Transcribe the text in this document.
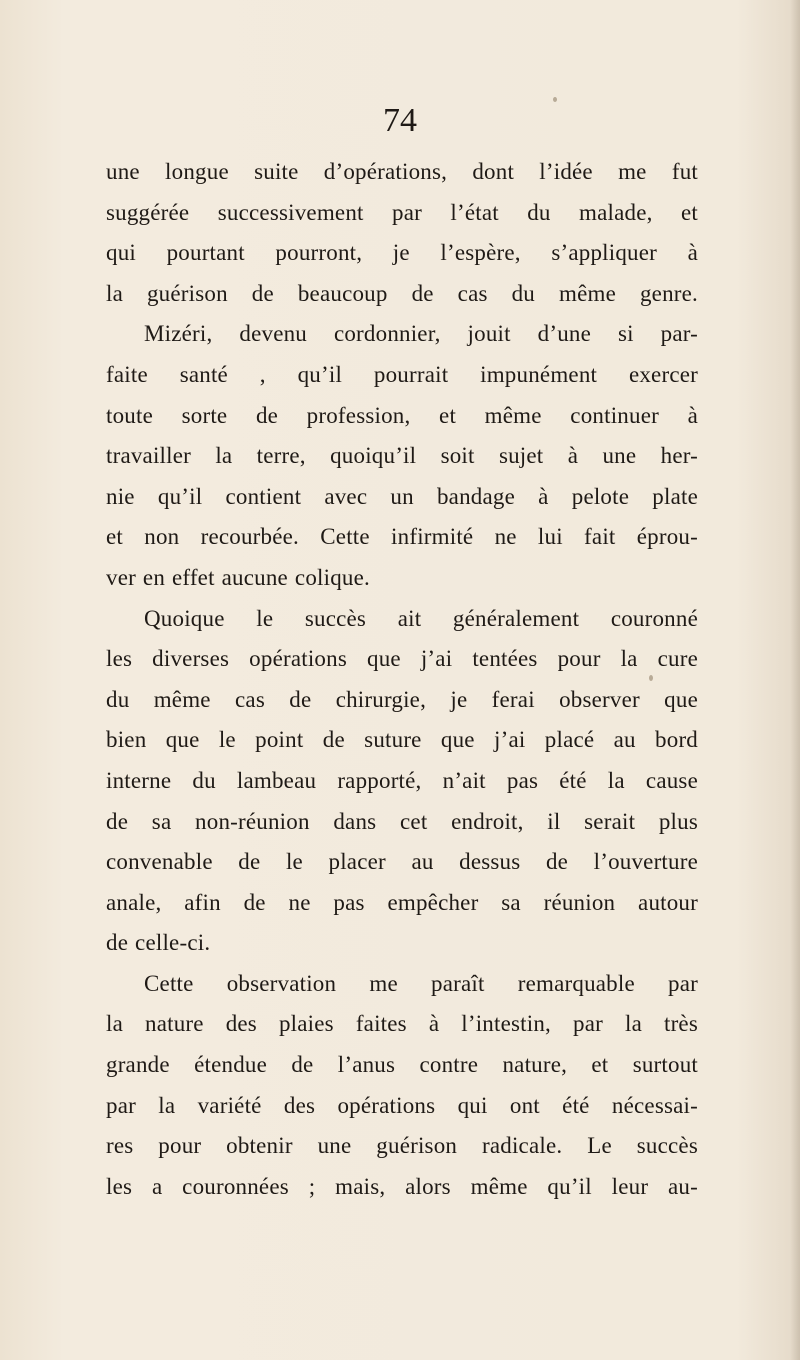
74
une longue suite d’opérations, dont l’idée me fut
suggérée successivement par l’état du malade, et
qui pourtant pourront, je l’espère, s’appliquer à
la guérison de beaucoup de cas du même genre.
Mizéri, devenu cordonnier, jouit d’une si par-
faite santé , qu’il pourrait impunément exercer
toute sorte de profession, et même continuer à
travailler la terre, quoiqu’il soit sujet à une her-
nie qu’il contient avec un bandage à pelote plate
et non recourbée. Cette infirmité ne lui fait éprou-
ver en effet aucune colique.
Quoique le succès ait généralement couronné
les diverses opérations que j’ai tentées pour la cure
du même cas de chirurgie, je ferai observer que
bien que le point de suture que j’ai placé au bord
interne du lambeau rapporté, n’ait pas été la cause
de sa non-réunion dans cet endroit, il serait plus
convenable de le placer au dessus de l’ouverture
anale, afin de ne pas empêcher sa réunion autour
de celle-ci.
Cette observation me paraît remarquable par
la nature des plaies faites à l’intestin, par la très
grande étendue de l’anus contre nature, et surtout
par la variété des opérations qui ont été nécessai-
res pour obtenir une guérison radicale. Le succès
les a couronnées ; mais, alors même qu’il leur au-
